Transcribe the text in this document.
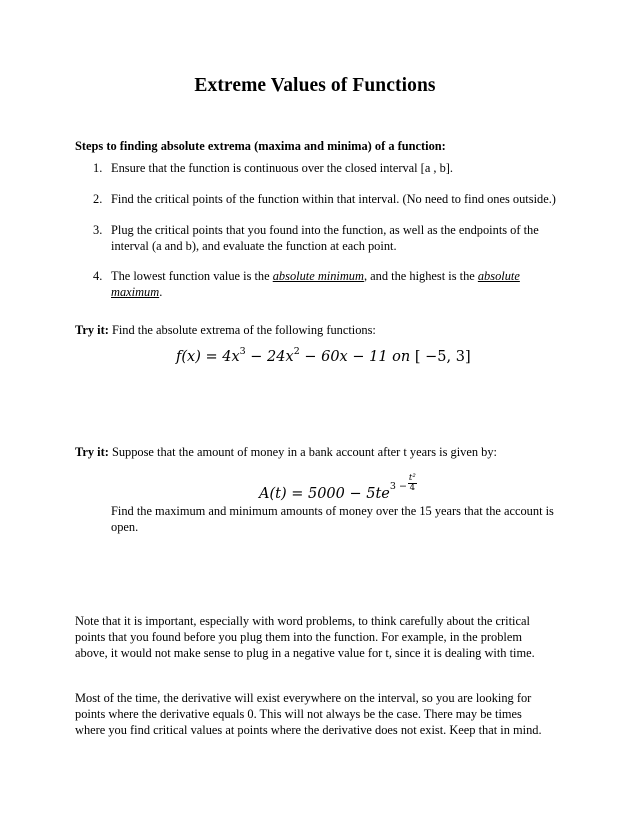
Extreme Values of Functions
Steps to finding absolute extrema (maxima and minima) of a function:
1. Ensure that the function is continuous over the closed interval [a , b].
2. Find the critical points of the function within that interval. (No need to find ones outside.)
3. Plug the critical points that you found into the function, as well as the endpoints of the
interval (a and b), and evaluate the function at each point.
4. The lowest function value is the absolute minimum, and the highest is the absolute
maximum.
Try it: Find the absolute extrema of the following functions:
$f(x) = 4x^3 - 24x^2 - 60x - 11$ on [ −5, 3]
Try it: Suppose that the amount of money in a bank account after t years is given by:
$A(t) = 5000 - 5te^{3 -} \frac{\text{t²}}{4}$
Find the maximum and minimum amounts of money over the 15 years that the account is
open.
Note that it is important, especially with word problems, to think carefully about the critical
points that you found before you plug them into the function. For example, in the problem
above, it would not make sense to plug in a negative value for t, since it is dealing with time.
Most of the time, the derivative will exist everywhere on the interval, so you are looking for
points where the derivative equals 0. This will not always be the case. There may be times
where you find critical values at points where the derivative does not exist. Keep that in mind.
